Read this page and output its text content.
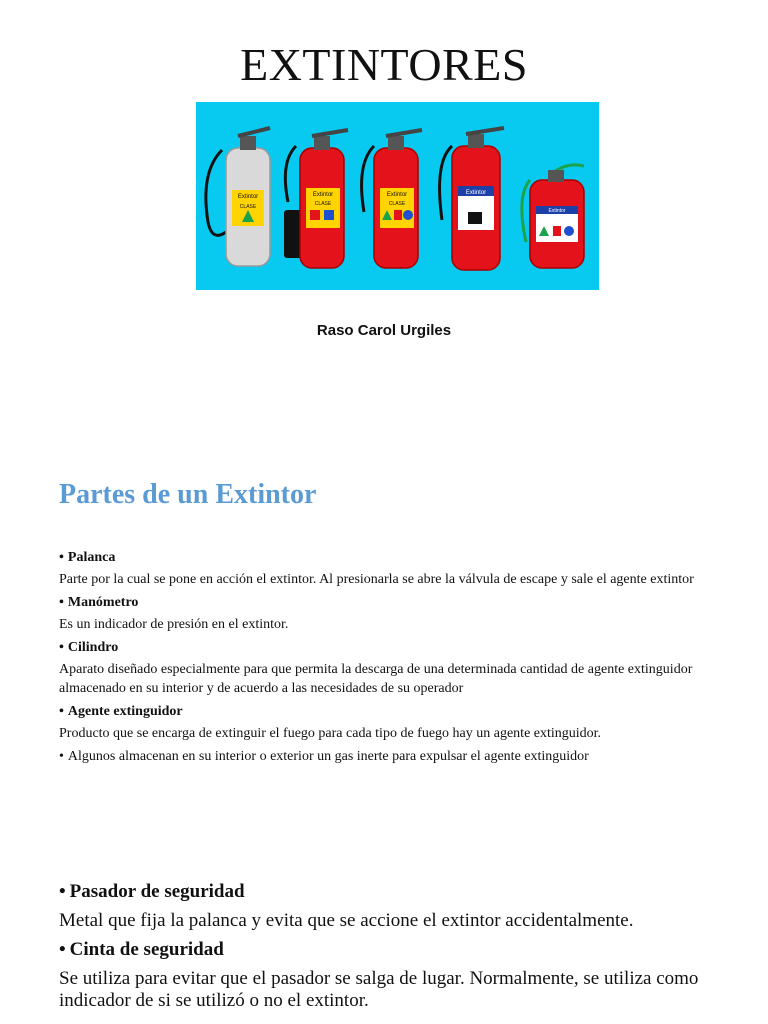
EXTINTORES
Extintor
CLASE
Extintor
CLASE
Extintor
CLASE
Extintor
Extintor

Raso Carol Urgiles

Partes de un Extintor

• Palanca

Parte por la cual se pone en acción el extintor. Al presionarla se abre la válvula de escape y sale el agente extintor

• Manómetro

Es un indicador de presión en el extintor.

• Cilindro

Aparato diseñado especialmente para que permita la descarga de una determinada cantidad de agente extinguidor almacenado en su interior y de acuerdo a las necesidades de su operador

• Agente extinguidor

Producto que se encarga de extinguir el fuego para cada tipo de fuego hay un agente extinguidor.

• Algunos almacenan en su interior o exterior un gas inerte para expulsar el agente extinguidor

• Pasador de seguridad

Metal que fija la palanca y evita que se accione el extintor accidentalmente.

• Cinta de seguridad

Se utiliza para evitar que el pasador se salga de lugar. Normalmente, se utiliza como indicador de si se utilizó o no el extintor.
